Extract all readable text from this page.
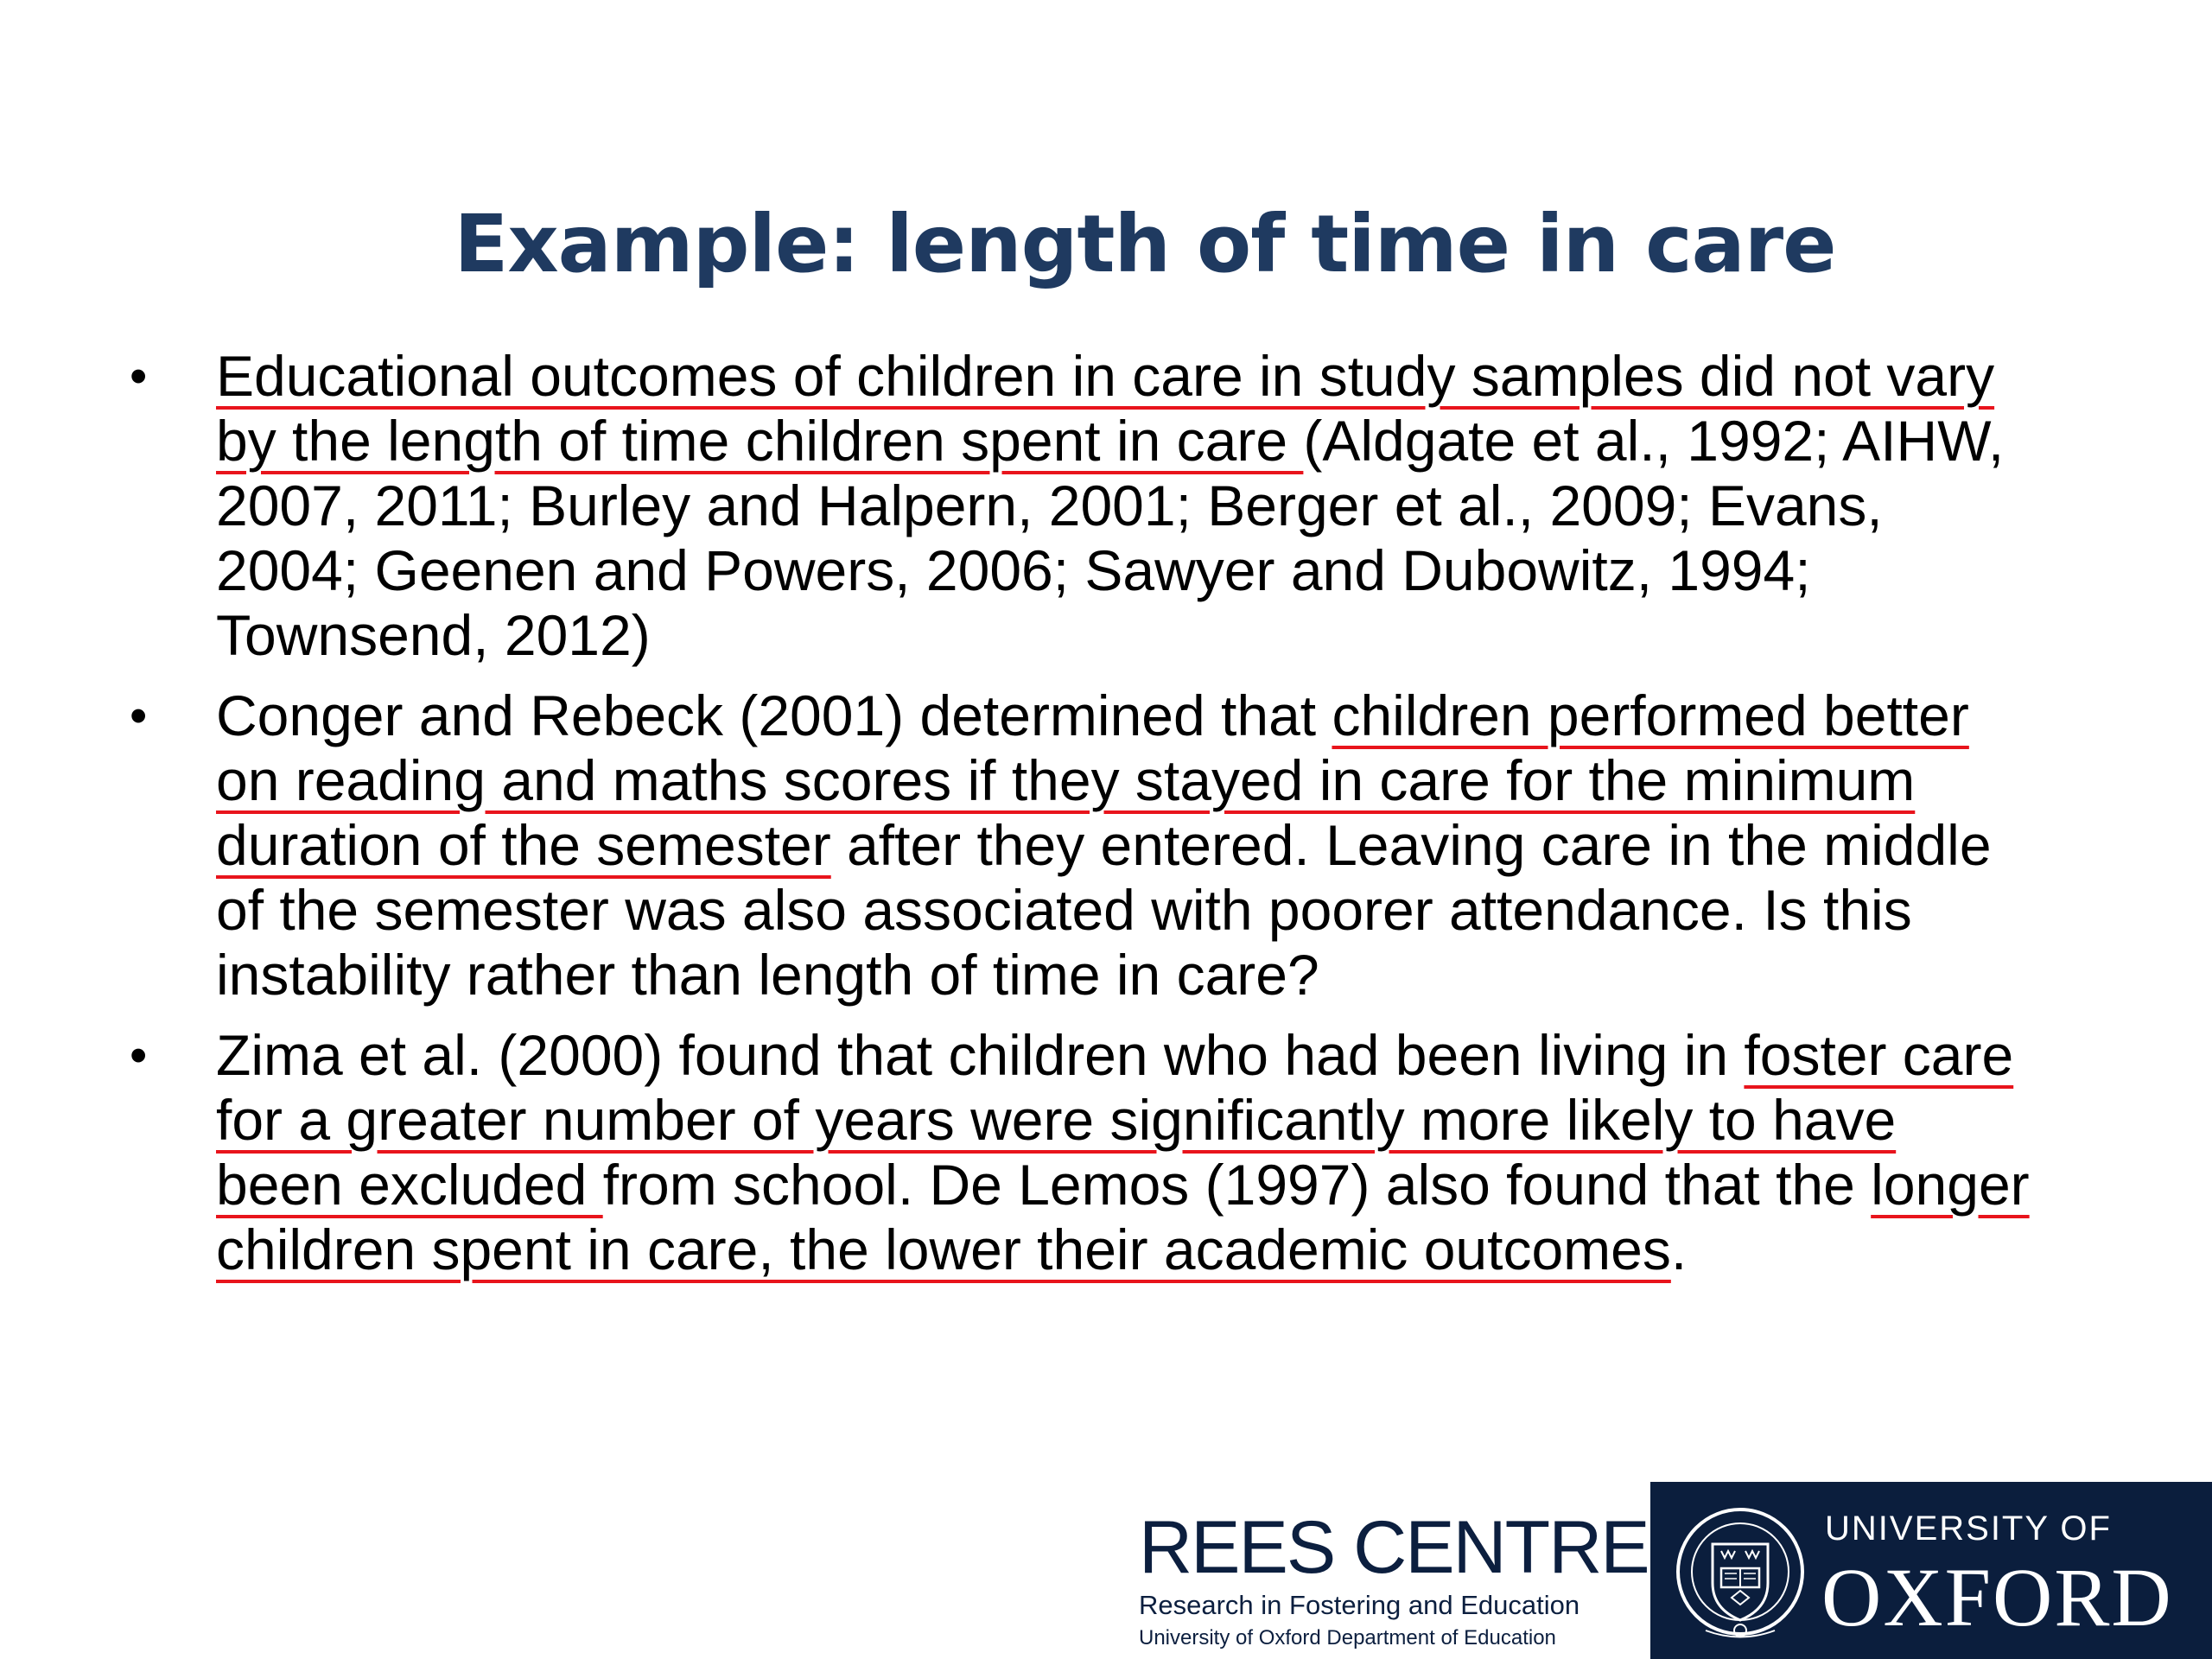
Example: length of time in care
• Educational outcomes of children in care in study samples did not vary by the length of time children spent in care (Aldgate et al., 1992; AIHW, 2007, 2011; Burley and Halpern, 2001; Berger et al., 2009; Evans, 2004; Geenen and Powers, 2006; Sawyer and Dubowitz, 1994; Townsend, 2012)
• Conger and Rebeck (2001) determined that children performed better on reading and maths scores if they stayed in care for the minimum duration of the semester after they entered. Leaving care in the middle of the semester was also associated with poorer attendance. Is this instability rather than length of time in care?
• Zima et al. (2000) found that children who had been living in foster care for a greater number of years were significantly more likely to have been excluded from school. De Lemos (1997) also found that the longer children spent in care, the lower their academic outcomes.
REES CENTRE
Research in Fostering and Education
University of Oxford Department of Education
UNIVERSITY OF
OXFORD
